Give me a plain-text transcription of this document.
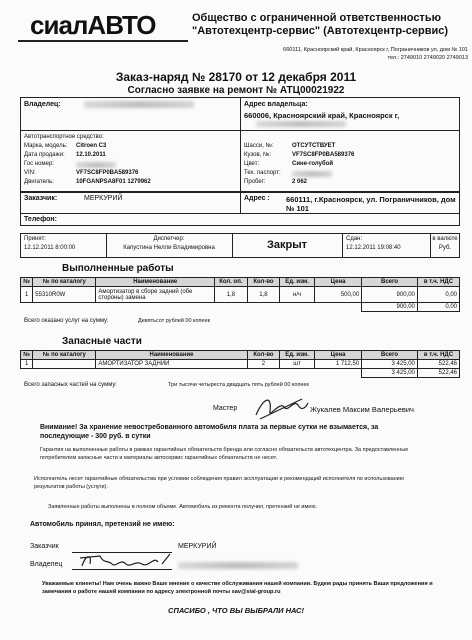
сиалАВТО	Общество с ограниченной ответственностью
"Автотехцентр-сервис" (Автотехцентр-сервис)
660111, Красноярский край, Красноярск г, Пограничников ул, дом № 101
тел.: 2749010 2749020 2749013
Заказ-наряд № 28170 от 12 декабря 2011
Согласно заявке на ремонт № АТЦ00021922
Владелец:	Адрес владельца:
660006, Красноярский край, Красноярск г,
Автотранспортное средство:
Марка, модель:	Citroen C3
Дата продажи:	12.10.2011
Гос номер:
VIN:	VF7SC8FP0BA589376
Двигатель:	10FGANPSA8F01 1279962
Шасси, №:	ОТСУТСТВУЕТ
Кузов, №:	VF7SC8FP0BA589376
Цвет:	Сине-голубой
Тех. паспорт:
Пробег:	2 062
Заказчик:	МЕРКУРИЙ	Адрес : 660111, г.Красноярск, ул. Пограничников, дом № 101
Телефон:
Принят:
12.12.2011 8:00:00
Диспетчер:
Капустина Нелли Владимировна	Закрыт	Сдан:
12.12.2011 19:08:40
в валюте
Руб.
Выполненные работы
№	№ по каталогу	Наименование	Кол. оп.	Кол-во	Ед. изм.	Цена	Всего	в т.ч. НДС
1	55310R0W	Амортизатор в сборе задний (обе стороны) замена	1,8	1,8	н/ч	500,00	900,00	0,00
							900,00	0,00
Всего оказано услуг на сумму:	Девятьсот рублей 00 копеек
Запасные части
№	№ по каталогу	Наименование	Кол-во	Ед. изм.	Цена	Всего	в т.ч. НДС
1		АМОРТИЗАТОР ЗАДНИЙ	2	шт	1 712,50	3 425,00	522,46
						3 425,00	522,46
Всего запасных частей на сумму:	Три тысячи четыреста двадцать пять рублей 00 копеек
Мастер	Жукалев Максим Валерьевич
Внимание! За хранение невостребованного автомобиля плата за первые сутки не взымается, за последующие - 300 руб. в сутки
Гарантия на выполненные работы в рамках гарантийных обязательств бренда или согласно обязательств автотехцентра. За предоставленные потребителем запасные части и материалы автосервис гарантийных обязательств не несет.
Исполнитель несет гарантийные обязательства при условии соблюдения правил эксплуатации и рекомендаций исполнителя по использованию результатов работы (услуги).
Заявленные работы выполнены в полном объеме. Автомобиль из ремонта получил, претензий не имею.
Автомобиль принял, претензий не имею:
Заказчик	МЕРКУРИЙ
Владелец
Уважаемые клиенты! Нам очень важно Ваше мнение о качестве обслуживания нашей компании. Будем рады принять Ваши предложения и замечания о работе нашей компании по адресу электронной почты sav@sial-group.ru
СПАСИБО , ЧТО ВЫ ВЫБРАЛИ НАС!
